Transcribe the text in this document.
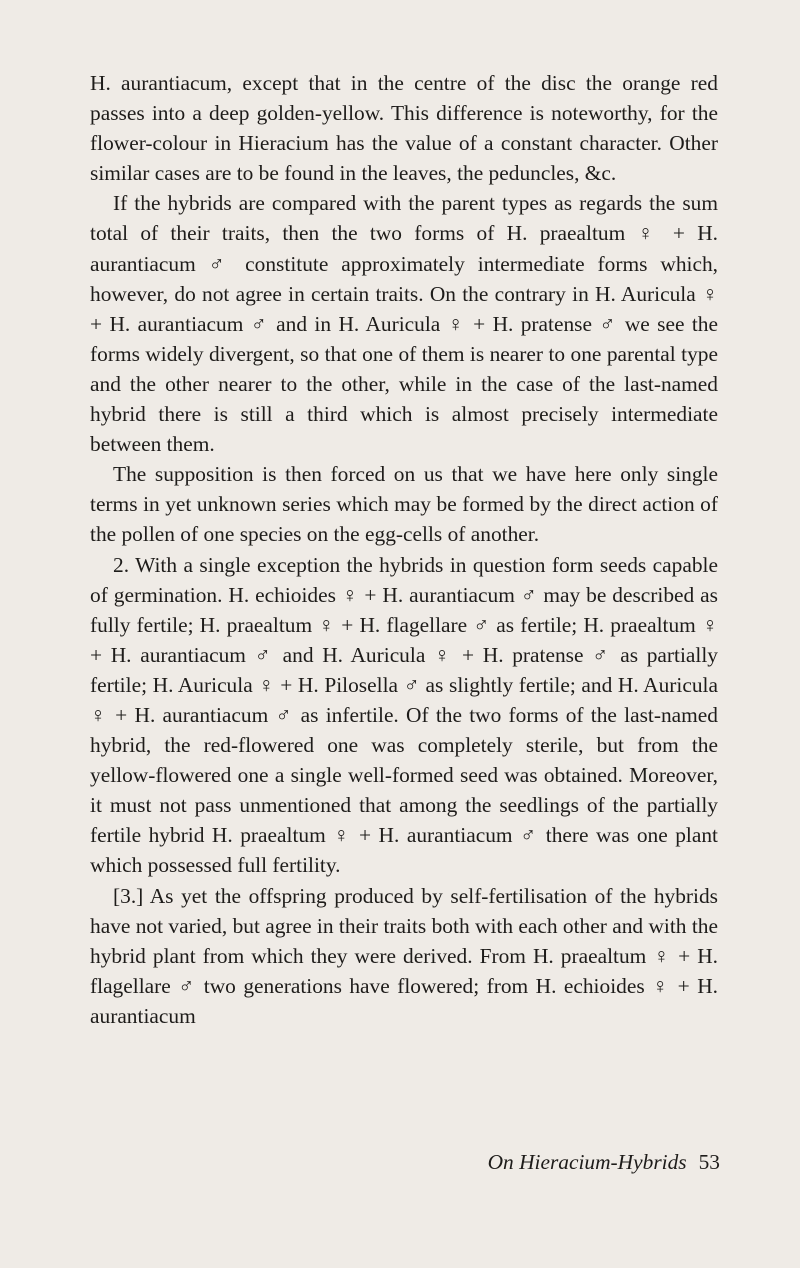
H. aurantiacum, except that in the centre of the disc the orange red passes into a deep golden-yellow. This difference is noteworthy, for the flower-colour in Hieracium has the value of a constant character. Other similar cases are to be found in the leaves, the peduncles, &c.

If the hybrids are compared with the parent types as regards the sum total of their traits, then the two forms of H. praealtum ♀ + H. aurantiacum ♂ constitute approximately intermediate forms which, however, do not agree in certain traits. On the contrary in H. Auricula ♀ + H. aurantiacum ♂ and in H. Auricula ♀ + H. pratense ♂ we see the forms widely divergent, so that one of them is nearer to one parental type and the other nearer to the other, while in the case of the last-named hybrid there is still a third which is almost precisely intermediate between them.

The supposition is then forced on us that we have here only single terms in yet unknown series which may be formed by the direct action of the pollen of one species on the egg-cells of another.

2. With a single exception the hybrids in question form seeds capable of germination. H. echioides ♀ + H. aurantiacum ♂ may be described as fully fertile; H. praealtum ♀ + H. flagellare ♂ as fertile; H. praealtum ♀ + H. aurantiacum ♂ and H. Auricula ♀ + H. pratense ♂ as partially fertile; H. Auricula ♀ + H. Pilosella ♂ as slightly fertile; and H. Auricula ♀ + H. aurantiacum ♂ as infertile. Of the two forms of the last-named hybrid, the red-flowered one was completely sterile, but from the yellow-flowered one a single well-formed seed was obtained. Moreover, it must not pass unmentioned that among the seedlings of the partially fertile hybrid H. praealtum ♀ + H. aurantiacum ♂ there was one plant which possessed full fertility.

[3.] As yet the offspring produced by self-fertilisation of the hybrids have not varied, but agree in their traits both with each other and with the hybrid plant from which they were derived. From H. praealtum ♀ + H. flagellare ♂ two generations have flowered; from H. echioides ♀ + H. aurantiacum

On Hieracium-Hybrids 53
